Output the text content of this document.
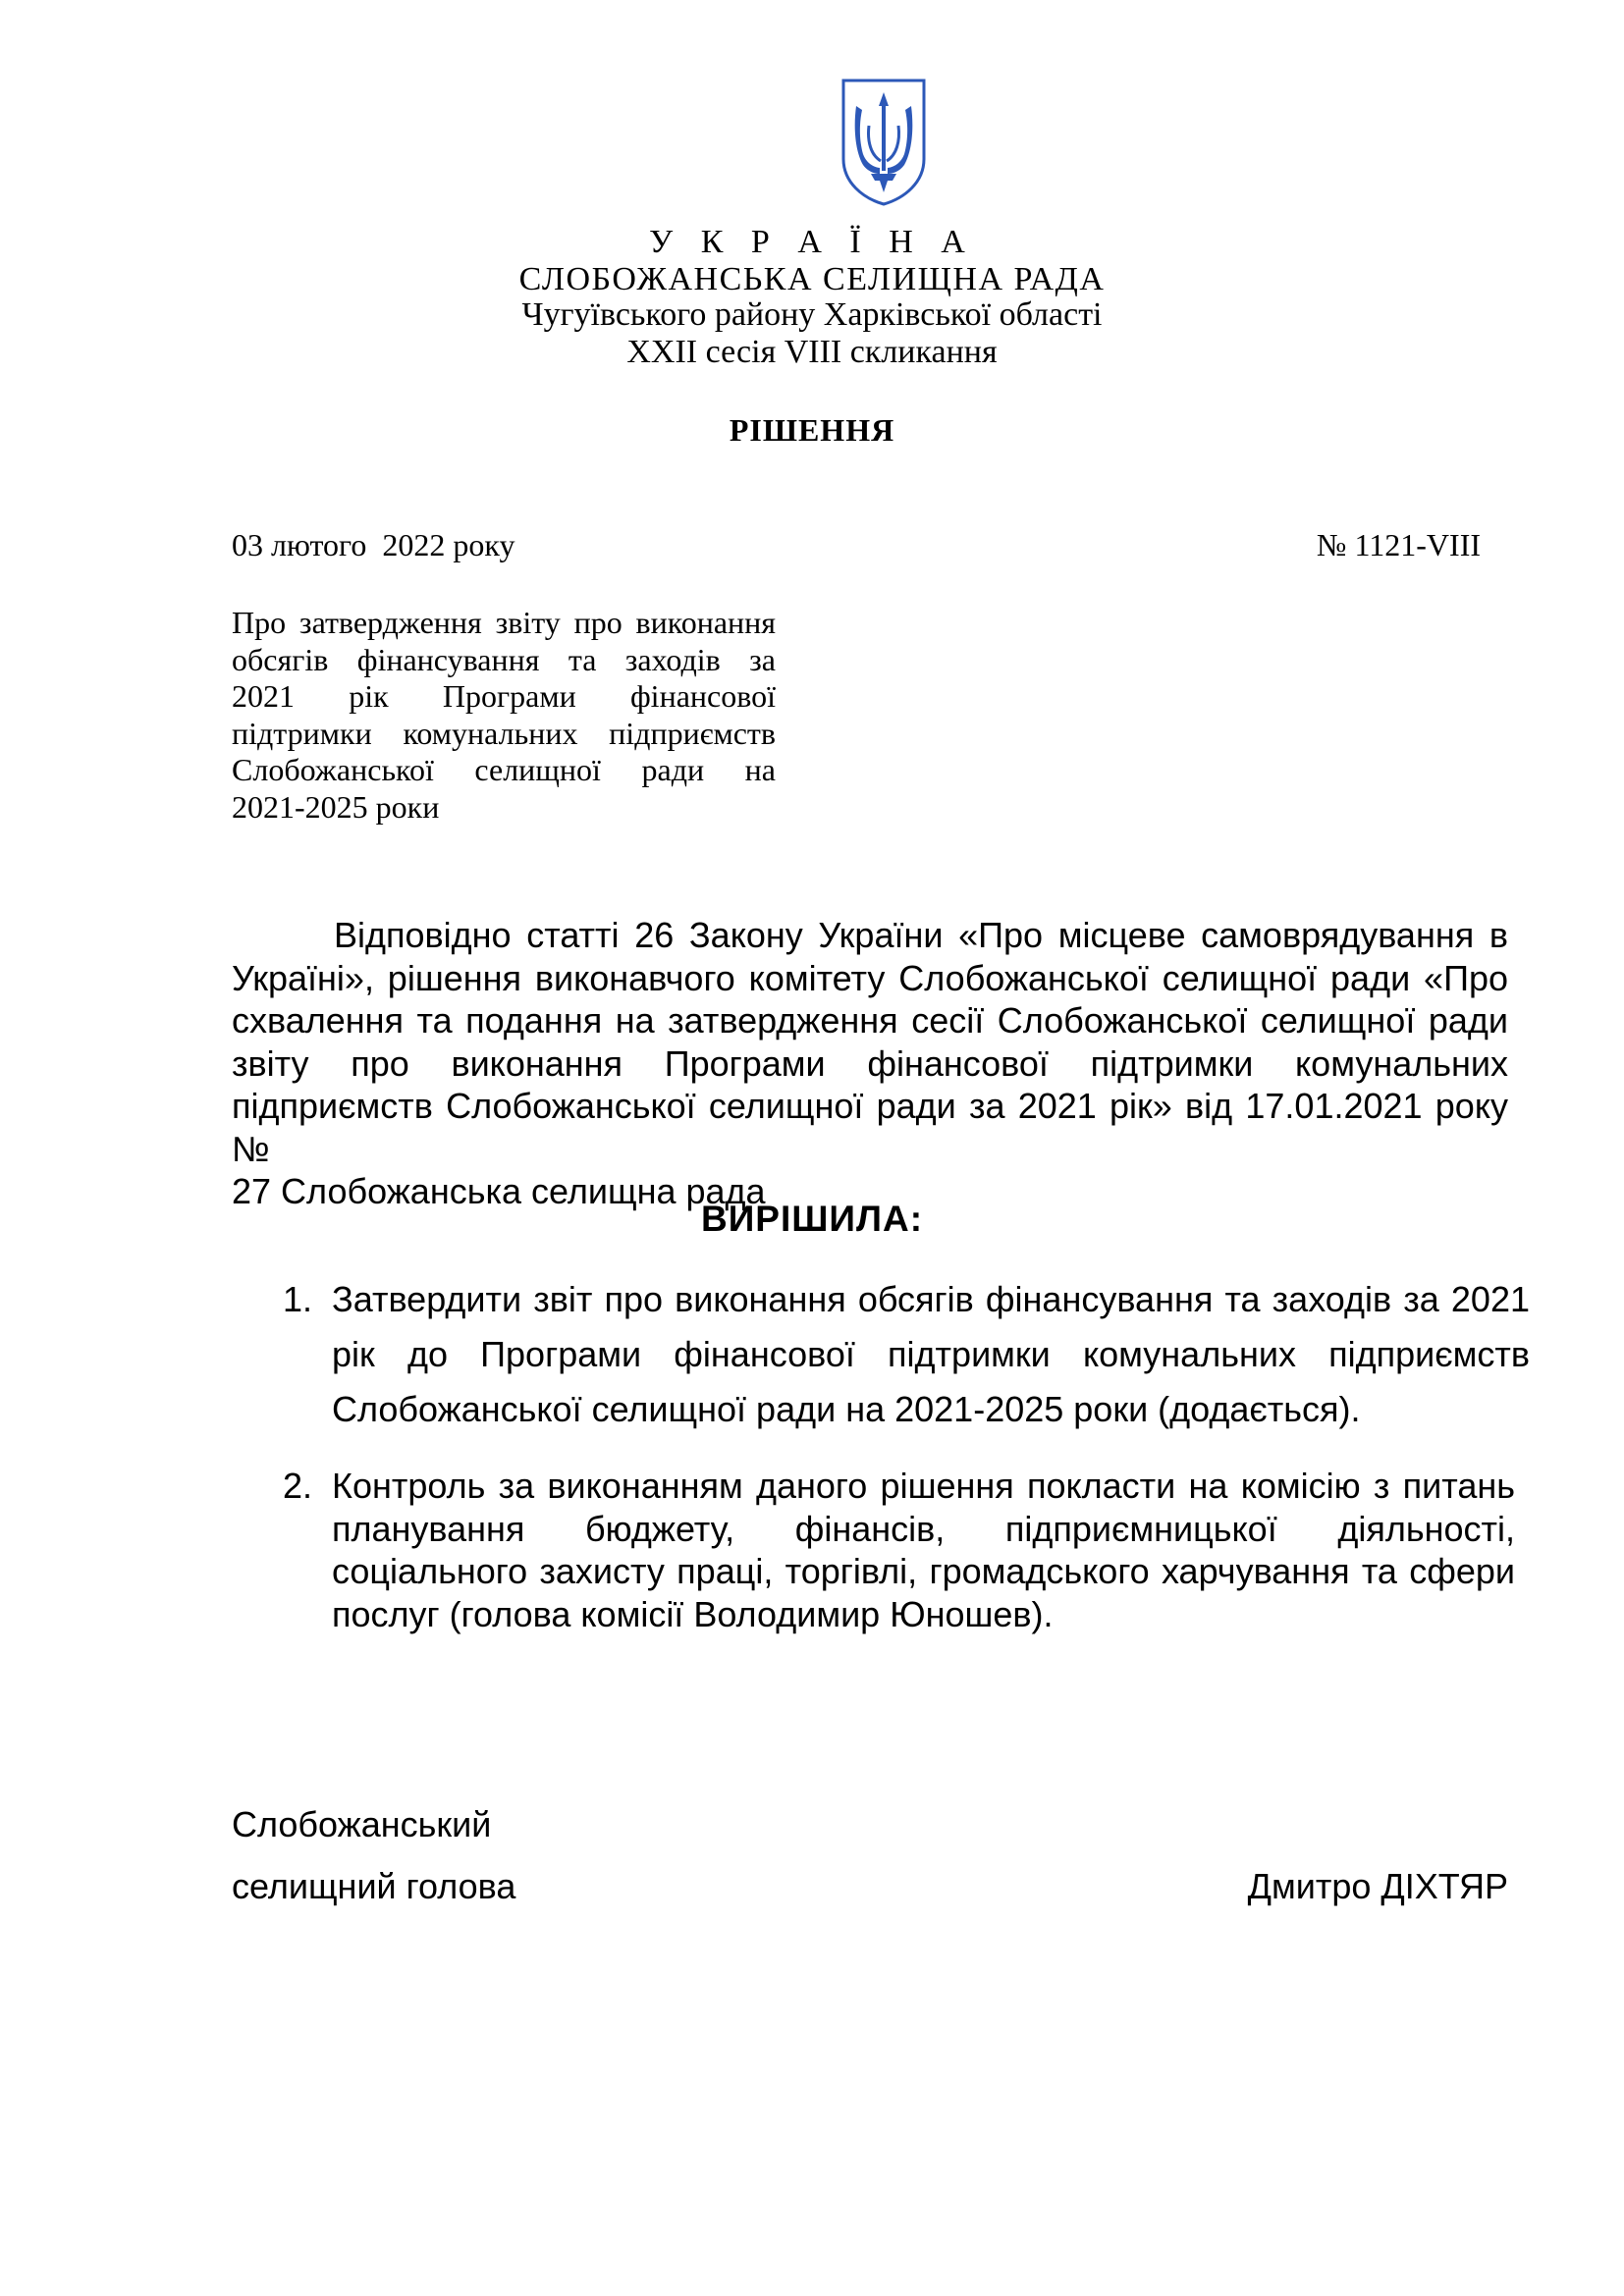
У К Р А Ї Н А
СЛОБОЖАНСЬКА СЕЛИЩНА РАДА
Чугуївського району Харківської області
XXII сесія VIII скликання
РІШЕННЯ
03 лютого  2022 року	№ 1121-VIII
Про затвердження звіту про виконання
обсягів фінансування та заходів за
2021 рік Програми фінансової
підтримки комунальних підприємств
Слобожанської селищної ради на
2021-2025 роки
Відповідно статті 26 Закону України «Про місцеве самоврядування в
Україні», рішення виконавчого комітету Слобожанської селищної ради «Про
схвалення та подання на затвердження сесії Слобожанської селищної ради
звіту про виконання Програми фінансової підтримки комунальних
підприємств Слобожанської селищної ради за 2021 рік» від 17.01.2021 року №
27 Слобожанська селищна рада
ВИРІШИЛА:
1. Затвердити звіт про виконання обсягів фінансування та заходів за 2021
рік до Програми фінансової підтримки комунальних підприємств
Слобожанської селищної ради на 2021-2025 роки (додається).
2. Контроль за виконанням даного рішення покласти на комісію з питань
планування бюджету, фінансів, підприємницької діяльності,
соціального захисту праці, торгівлі, громадського харчування та сфери
послуг (голова комісії Володимир Юношев).
Слобожанський
селищний голова	Дмитро ДІХТЯР
